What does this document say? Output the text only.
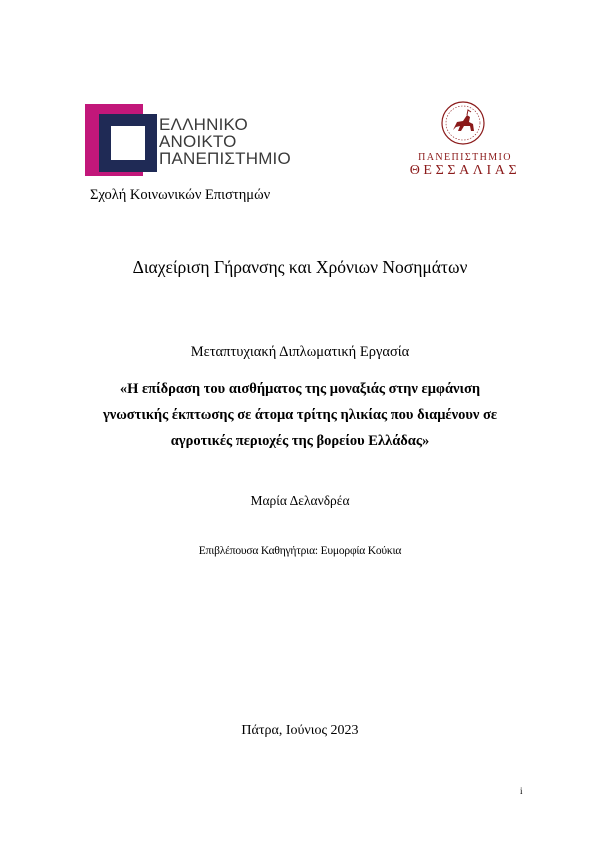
ΕΛΛΗΝΙΚΟ
ΑΝΟΙΚΤΟ
ΠΑΝΕΠΙΣΤΗΜΙΟ	ΠΑΝΕΠΙΣΤΗΜΙΟ
ΘΕΣΣΑΛΙΑΣ
Σχολή Κοινωνικών Επιστημών
Διαχείριση Γήρανσης και Χρόνιων Νοσημάτων
Μεταπτυχιακή Διπλωματική Εργασία
«Η επίδραση του αισθήματος της μοναξιάς στην εμφάνιση
γνωστικής έκπτωσης σε άτομα τρίτης ηλικίας που διαμένουν σε
αγροτικές περιοχές της βορείου Ελλάδας»
Μαρία Δελανδρέα
Επιβλέπουσα Καθηγήτρια: Ευμορφία Κούκια
Πάτρα, Ιούνιος 2023
i
